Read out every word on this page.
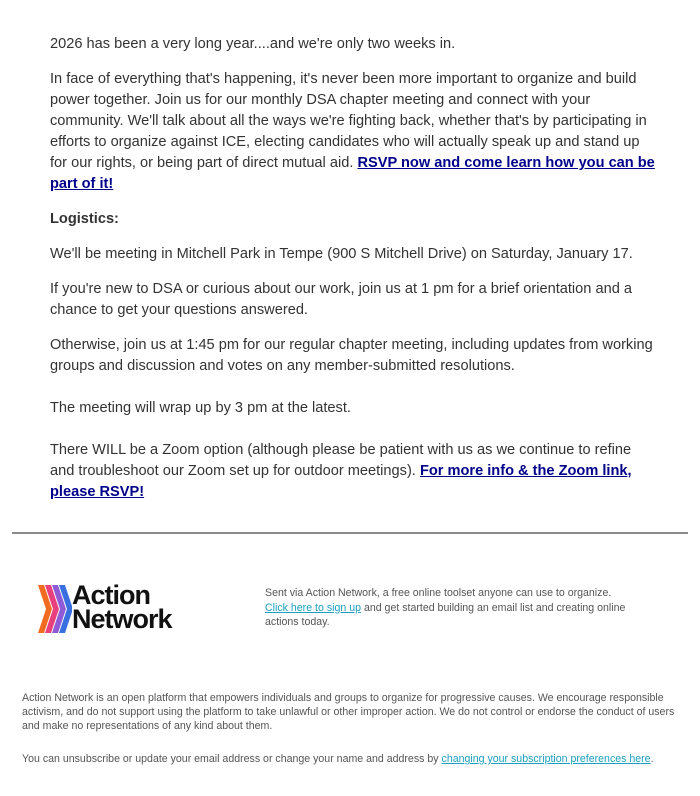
2026 has been a very long year....and we're only two weeks in.

In face of everything that's happening, it's never been more important to organize and build power together. Join us for our monthly DSA chapter meeting and connect with your community. We'll talk about all the ways we're fighting back, whether that's by participating in efforts to organize against ICE, electing candidates who will actually speak up and stand up for our rights, or being part of direct mutual aid. RSVP now and come learn how you can be part of it!

Logistics:

We'll be meeting in Mitchell Park in Tempe (900 S Mitchell Drive) on Saturday, January 17.

If you're new to DSA or curious about our work, join us at 1 pm for a brief orientation and a chance to get your questions answered.

Otherwise, join us at 1:45 pm for our regular chapter meeting, including updates from working groups and discussion and votes on any member-submitted resolutions.

The meeting will wrap up by 3 pm at the latest.

There WILL be a Zoom option (although please be patient with us as we continue to refine and troubleshoot our Zoom set up for outdoor meetings). For more info & the Zoom link, please RSVP!

Action
Network
Sent via Action Network, a free online toolset anyone can use to organize.
Click here to sign up and get started building an email list and creating online actions today.

Action Network is an open platform that empowers individuals and groups to organize for progressive causes. We encourage responsible activism, and do not support using the platform to take unlawful or other improper action. We do not control or endorse the conduct of users and make no representations of any kind about them.

You can unsubscribe or update your email address or change your name and address by changing your subscription preferences here.
